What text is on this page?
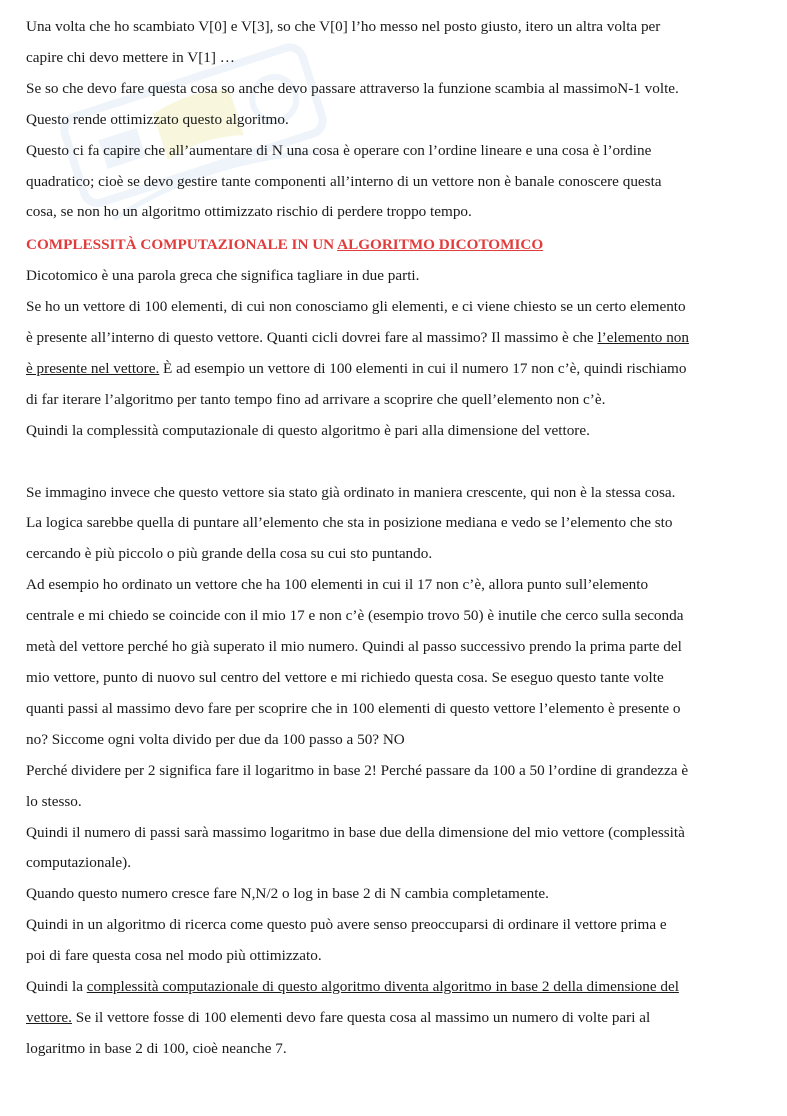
Una volta che ho scambiato V[0] e V[3], so che V[0] l’ho messo nel posto giusto, itero un altra volta per
capire chi devo mettere in V[1] …
Se so che devo fare questa cosa so anche devo passare attraverso la funzione scambia al massimoN-1 volte.
Questo rende ottimizzato questo algoritmo.
Questo ci fa capire che all’aumentare di N una cosa è operare con l’ordine lineare e una cosa è l’ordine
quadratico; cioè se devo gestire tante componenti all’interno di un vettore non è banale conoscere questa
cosa, se non ho un algoritmo ottimizzato rischio di perdere troppo tempo.
COMPLESSITÀ COMPUTAZIONALE IN UN ALGORITMO DICOTOMICO
Dicotomico è una parola greca che significa tagliare in due parti.
Se ho un vettore di 100 elementi, di cui non conosciamo gli elementi, e ci viene chiesto se un certo elemento
è presente all’interno di questo vettore. Quanti cicli dovrei fare al massimo? Il massimo è che l’elemento non
è presente nel vettore. È ad esempio un vettore di 100 elementi in cui il numero 17 non c’è, quindi rischiamo
di far iterare l’algoritmo per tanto tempo fino ad arrivare a scoprire che quell’elemento non c’è.
Quindi la complessità computazionale di questo algoritmo è pari alla dimensione del vettore.
Se immagino invece che questo vettore sia stato già ordinato in maniera crescente, qui non è la stessa cosa.
La logica sarebbe quella di puntare all’elemento che sta in posizione mediana e vedo se l’elemento che sto
cercando è più piccolo o più grande della cosa su cui sto puntando.
Ad esempio ho ordinato un vettore che ha 100 elementi in cui il 17 non c’è, allora punto sull’elemento
centrale e mi chiedo se coincide con il mio 17 e non c’è (esempio trovo 50) è inutile che cerco sulla seconda
metà del vettore perché ho già superato il mio numero. Quindi al passo successivo prendo la prima parte del
mio vettore, punto di nuovo sul centro del vettore e mi richiedo questa cosa. Se eseguo questo tante volte
quanti passi al massimo devo fare per scoprire che in 100 elementi di questo vettore l’elemento è presente o
no? Siccome ogni volta divido per due da 100 passo a 50? NO
Perché dividere per 2 significa fare il logaritmo in base 2! Perché passare da 100 a 50 l’ordine di grandezza è
lo stesso.
Quindi il numero di passi sarà massimo logaritmo in base due della dimensione del mio vettore (complessità
computazionale).
Quando questo numero cresce fare N,N/2 o log in base 2 di N cambia completamente.
Quindi in un algoritmo di ricerca come questo può avere senso preoccuparsi di ordinare il vettore prima e
poi di fare questa cosa nel modo più ottimizzato.
Quindi la complessità computazionale di questo algoritmo diventa algoritmo in base 2 della dimensione del
vettore. Se il vettore fosse di 100 elementi devo fare questa cosa al massimo un numero di volte pari al
logaritmo in base 2 di 100, cioè neanche 7.
